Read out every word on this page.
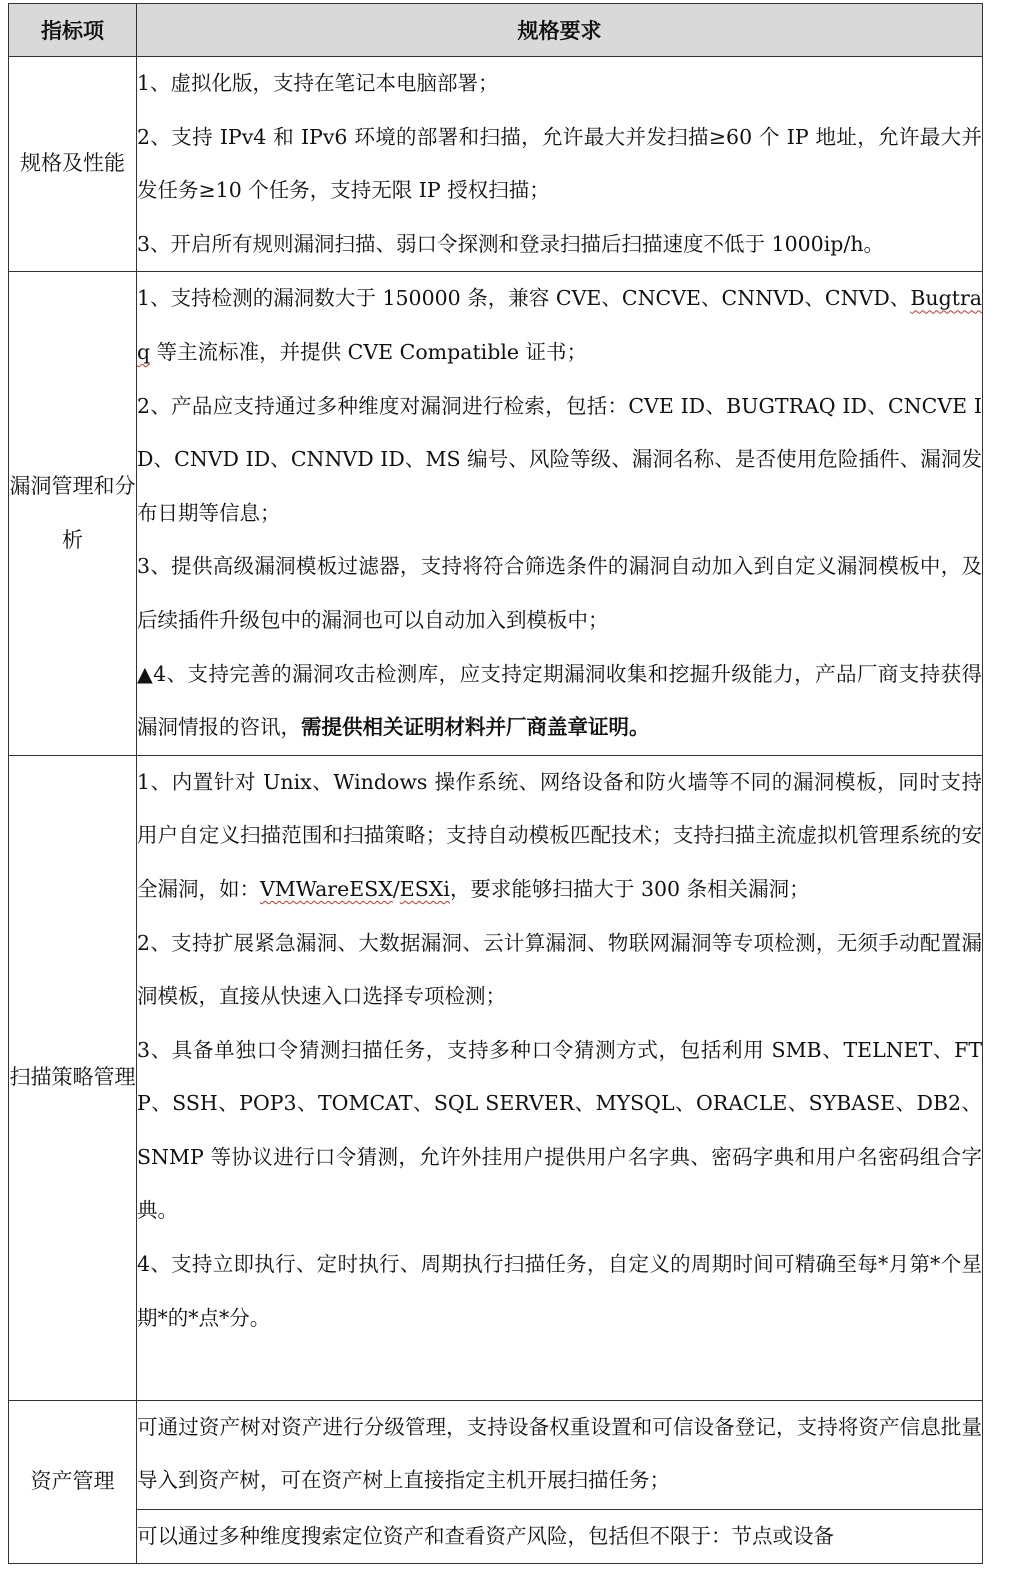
指标项	规格要求
规格及性能	1、虚拟化版，支持在笔记本电脑部署；

2、支持 IPv4 和 IPv6 环境的部署和扫描，允许最大并发扫描≥60 个 IP 地址，允许最大并发任务≥10 个任务，支持无限 IP 授权扫描；

3、开启所有规则漏洞扫描、弱口令探测和登录扫描后扫描速度不低于 1000ip/h。

漏洞管理和分析	1、支持检测的漏洞数大于 150000 条，兼容 CVE、CNCVE、CNNVD、CNVD、Bugtraq 等主流标准，并提供 CVE Compatible 证书；

2、产品应支持通过多种维度对漏洞进行检索，包括：CVE ID、BUGTRAQ ID、CNCVE ID、CNVD ID、CNNVD ID、MS 编号、风险等级、漏洞名称、是否使用危险插件、漏洞发布日期等信息；

3、提供高级漏洞模板过滤器，支持将符合筛选条件的漏洞自动加入到自定义漏洞模板中，及后续插件升级包中的漏洞也可以自动加入到模板中；

▲4、支持完善的漏洞攻击检测库，应支持定期漏洞收集和挖掘升级能力，产品厂商支持获得漏洞情报的咨讯，需提供相关证明材料并厂商盖章证明。

扫描策略管理	1、内置针对 Unix、Windows 操作系统、网络设备和防火墙等不同的漏洞模板，同时支持用户自定义扫描范围和扫描策略；支持自动模板匹配技术；支持扫描主流虚拟机管理系统的安全漏洞，如：VMWareESX/ESXi，要求能够扫描大于 300 条相关漏洞；

2、支持扩展紧急漏洞、大数据漏洞、云计算漏洞、物联网漏洞等专项检测，无须手动配置漏洞模板，直接从快速入口选择专项检测；

3、具备单独口令猜测扫描任务，支持多种口令猜测方式，包括利用 SMB、TELNET、FTP、SSH、POP3、TOMCAT、SQL SERVER、MYSQL、ORACLE、SYBASE、DB2、SNMP 等协议进行口令猜测，允许外挂用户提供用户名字典、密码字典和用户名密码组合字典。

4、支持立即执行、定时执行、周期执行扫描任务，自定义的周期时间可精确至每*月第*个星期*的*点*分。

资产管理	可通过资产树对资产进行分级管理，支持设备权重设置和可信设备登记，支持将资产信息批量导入到资产树，可在资产树上直接指定主机开展扫描任务；

	可以通过多种维度搜索定位资产和查看资产风险，包括但不限于：节点或设备
